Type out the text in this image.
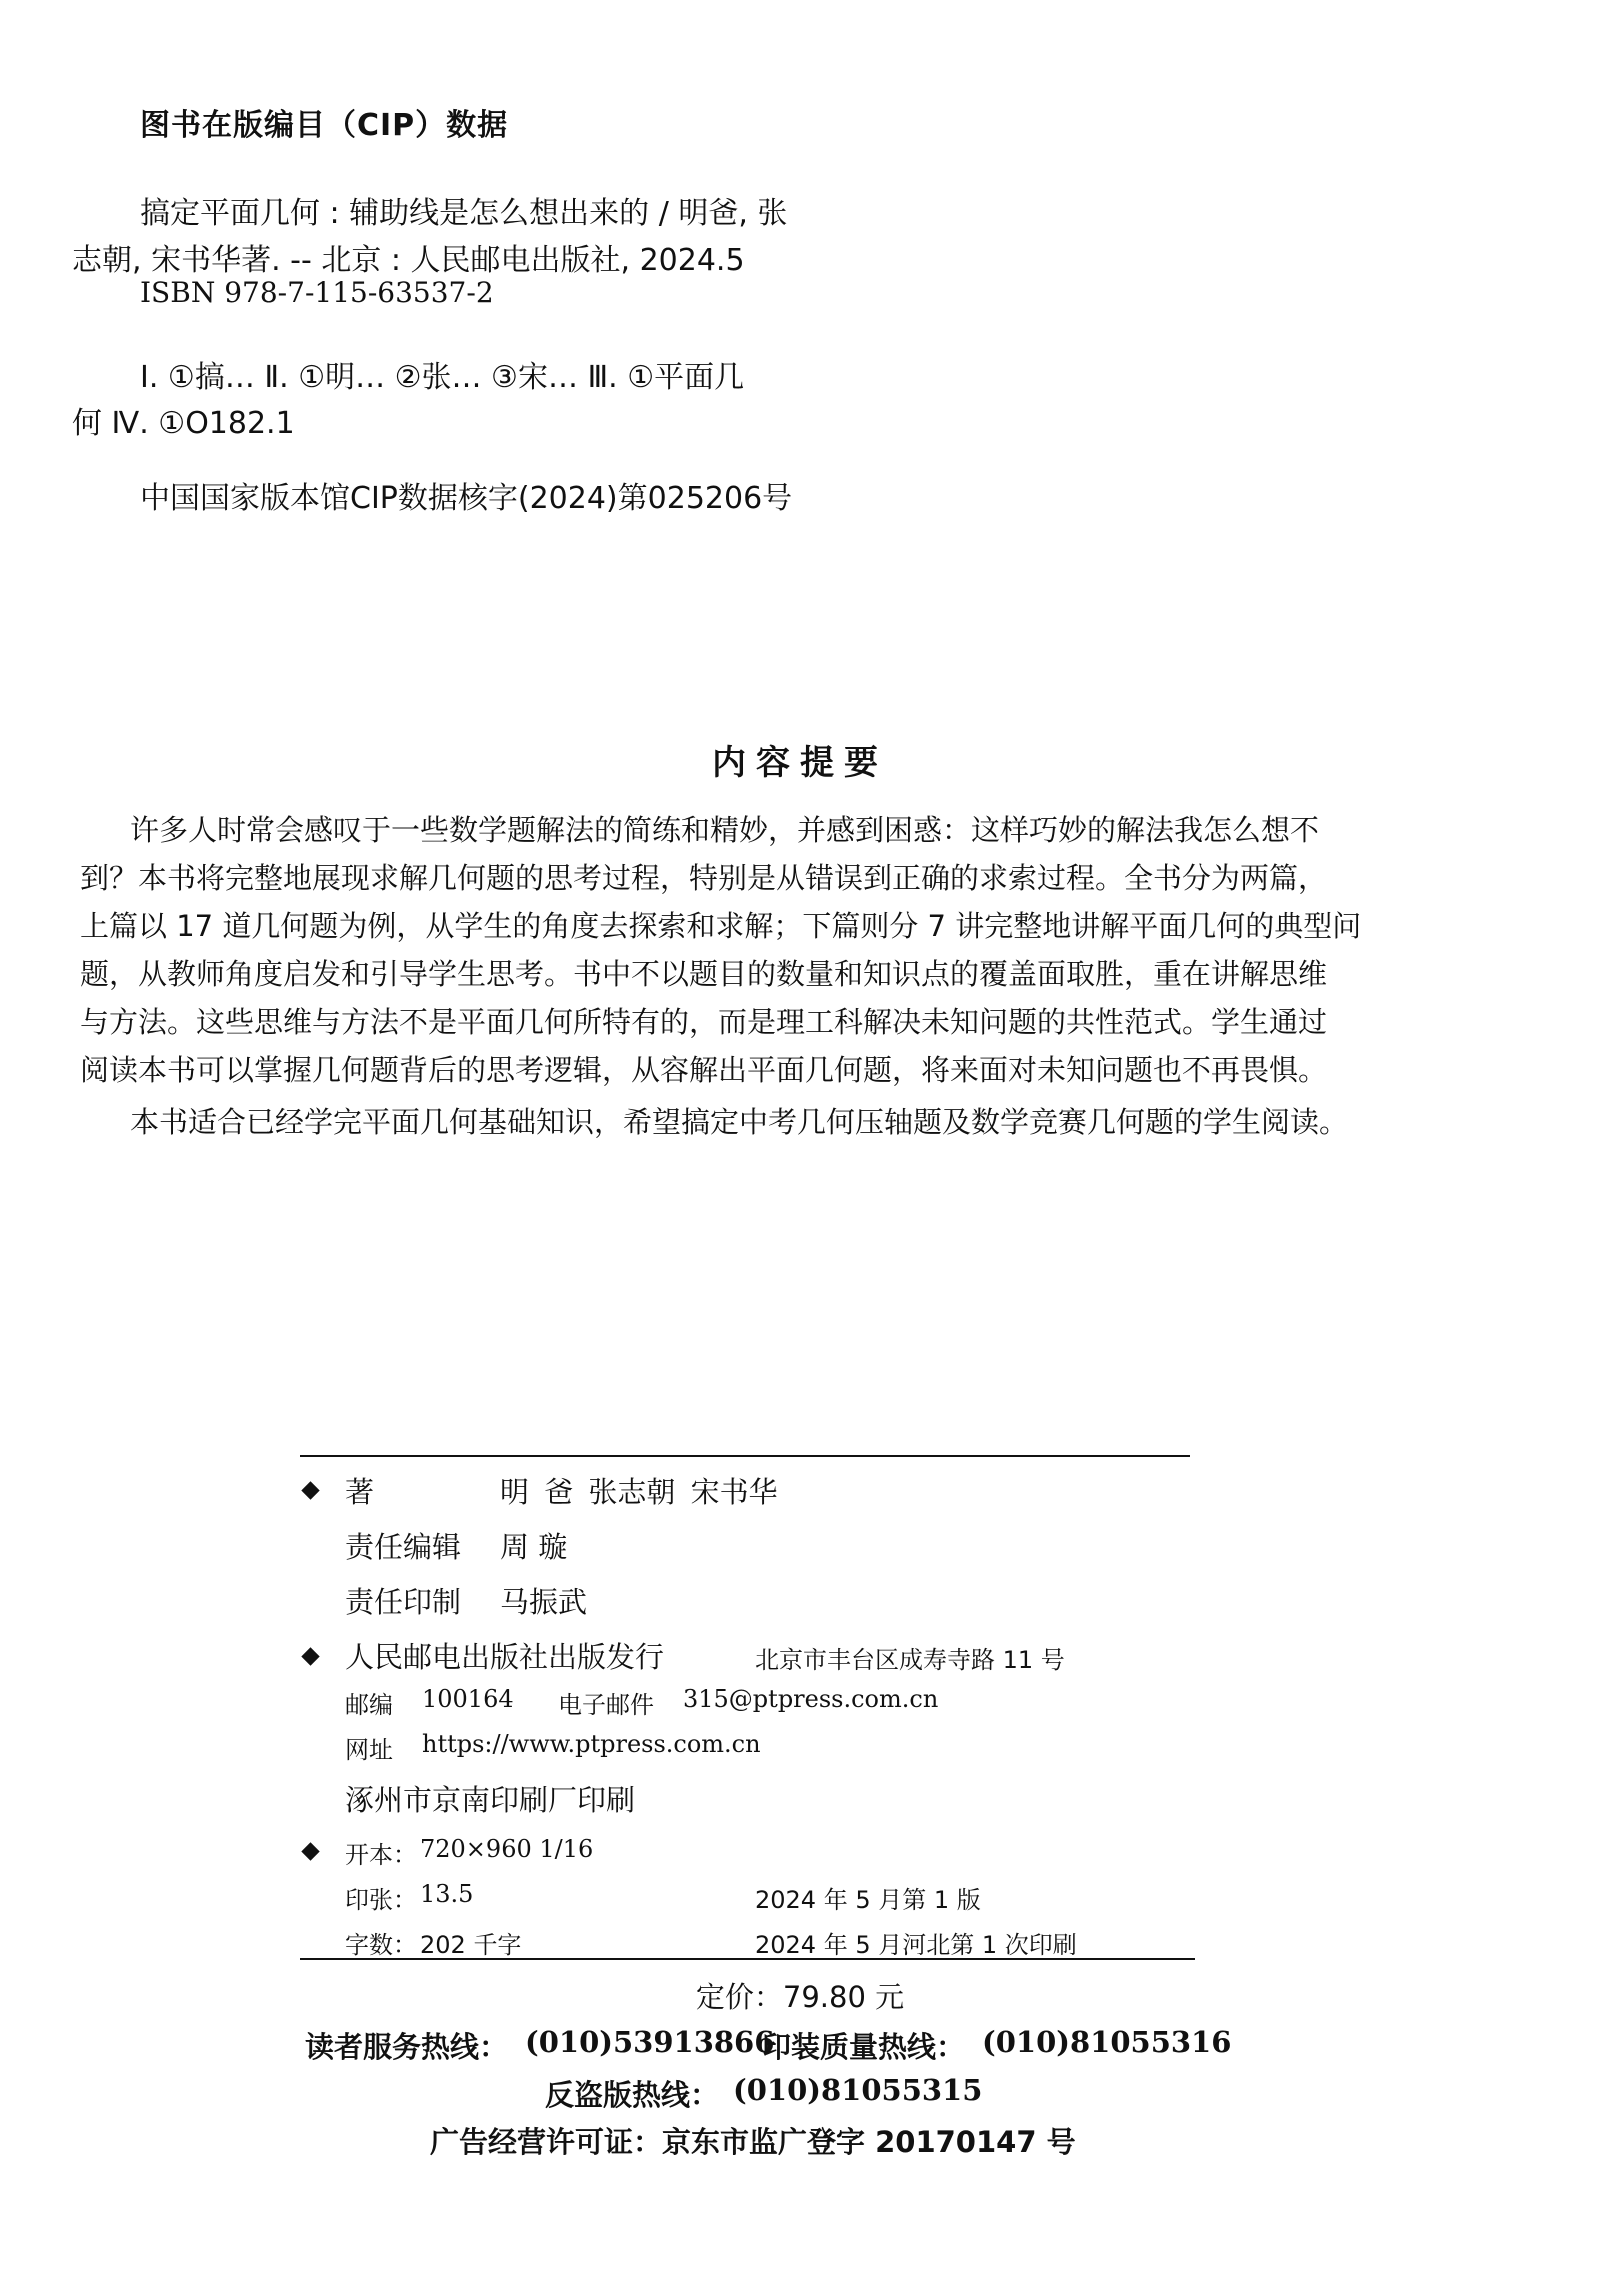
图书在版编目（CIP）数据
搞定平面几何 : 辅助线是怎么想出来的 / 明爸, 张
志朝, 宋书华著. -- 北京 : 人民邮电出版社, 2024.5
ISBN 978-7-115-63537-2
Ⅰ. ①搞… Ⅱ. ①明… ②张… ③宋… Ⅲ. ①平面几
何 Ⅳ. ①O182.1
中国国家版本馆CIP数据核字(2024)第025206号
内容提要
许多人时常会感叹于一些数学题解法的简练和精妙，并感到困惑：这样巧妙的解法我怎么想不
到？本书将完整地展现求解几何题的思考过程，特别是从错误到正确的求索过程。全书分为两篇，
上篇以 17 道几何题为例，从学生的角度去探索和求解；下篇则分 7 讲完整地讲解平面几何的典型问
题，从教师角度启发和引导学生思考。书中不以题目的数量和知识点的覆盖面取胜，重在讲解思维
与方法。这些思维与方法不是平面几何所特有的，而是理工科解决未知问题的共性范式。学生通过
阅读本书可以掌握几何题背后的思考逻辑，从容解出平面几何题，将来面对未知问题也不再畏惧。
本书适合已经学完平面几何基础知识，希望搞定中考几何压轴题及数学竞赛几何题的学生阅读。
著	明 爸 张志朝 宋书华
责任编辑 周 璇
责任印制 马振武
人民邮电出版社出版发行	北京市丰台区成寿寺路 11 号
邮编 100164 电子邮件 315@ptpress.com.cn
网址 https://www.ptpress.com.cn
涿州市京南印刷厂印刷
开本： 720×960 1/16
印张： 13.5	2024 年 5 月第 1 版
字数： 202 千字	2024 年 5 月河北第 1 次印刷
定价：79.80 元
读者服务热线： (010)53913866
印装质量热线： (010)81055316
反盗版热线： (010)81055315
广告经营许可证：京东市监广登字 20170147 号
